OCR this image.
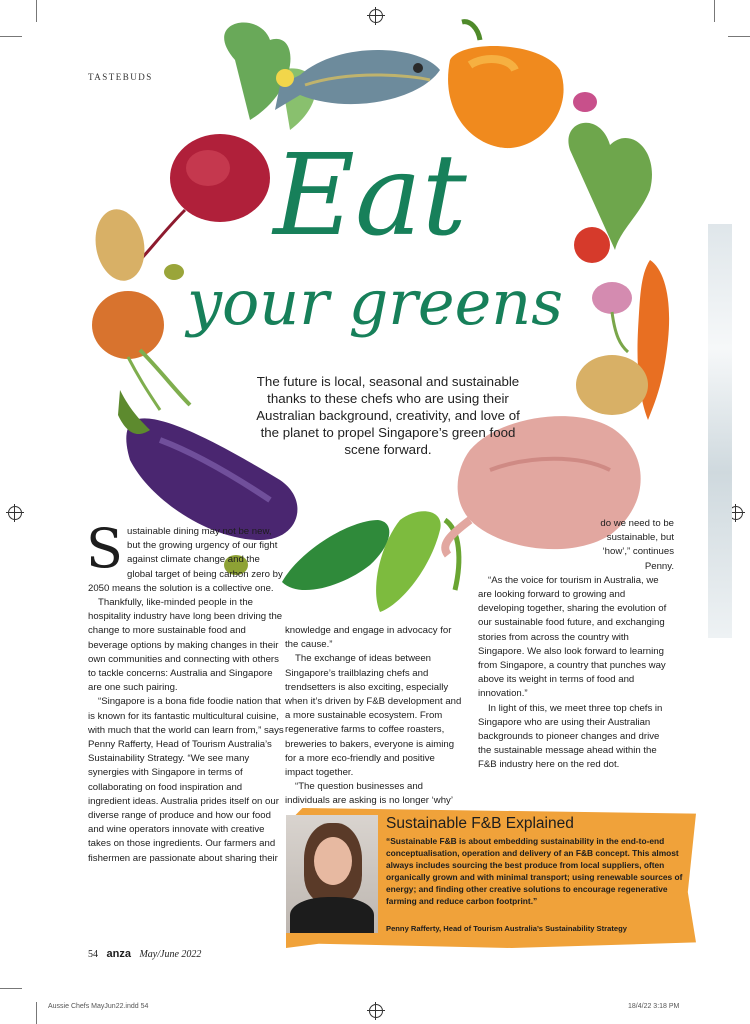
TASTEBUDS
Eat
your greens
The future is local, seasonal and sustainable thanks to these chefs who are using their Australian background, creativity, and love of the planet to propel Singapore’s green food scene forward.

Sustainable dining may not be new, but the growing urgency of our fight against climate change and the global target of being carbon zero by 2050 means the solution is a collective one.

Thankfully, like-minded people in the hospitality industry have long been driving the change to more sustainable food and beverage options by making changes in their own communities and connecting with others to tackle concerns: Australia and Singapore are one such pairing.

“Singapore is a bona fide foodie nation that is known for its fantastic multicultural cuisine, with much that the world can learn from,” says Penny Rafferty, Head of Tourism Australia’s Sustainability Strategy. “We see many synergies with Singapore in terms of collaborating on food inspiration and ingredient ideas. Australia prides itself on our diverse range of produce and how our food and wine operators innovate with creative takes on those ingredients. Our farmers and fishermen are passionate about sharing their

knowledge and engage in advocacy for the cause.”

The exchange of ideas between Singapore’s trailblazing chefs and trendsetters is also exciting, especially when it’s driven by F&B development and a more sustainable ecosystem. From regenerative farms to coffee roasters, breweries to bakers, everyone is aiming for a more eco-friendly and positive impact together.

“The question businesses and individuals are asking is no longer ‘why’

do we need to be sustainable, but ‘how’,” continues Penny.

“As the voice for tourism in Australia, we are looking forward to growing and developing together, sharing the evolution of our sustainable food future, and exchanging stories from across the country with Singapore. We also look forward to learning from Singapore, a country that punches way above its weight in terms of food and innovation.”

In light of this, we meet three top chefs in Singapore who are using their Australian backgrounds to pioneer changes and drive the sustainable message ahead within the F&B industry here on the red dot.

Sustainable F&B Explained
“Sustainable F&B is about embedding sustainability in the end-to-end conceptualisation, operation and delivery of an F&B concept. This almost always includes sourcing the best produce from local suppliers, often organically grown and with minimal transport; using renewable sources of energy; and finding other creative solutions to encourage regenerative farming and reduce carbon footprint.”
Penny Rafferty, Head of Tourism Australia’s Sustainability Strategy
54 anza May/June 2022
Aussie Chefs MayJun22.indd 54	18/4/22 3:18 PM
